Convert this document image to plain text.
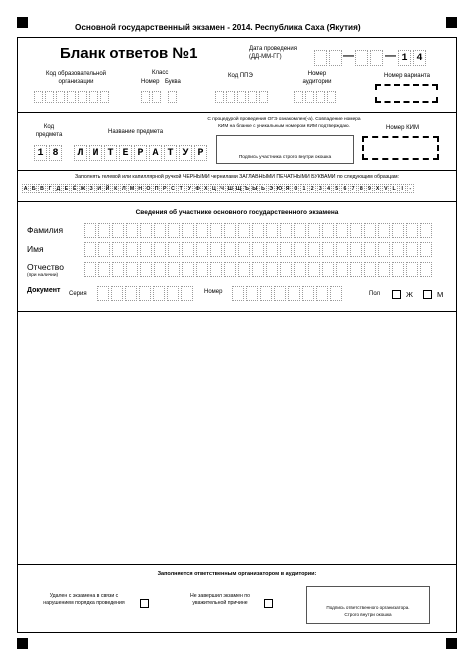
Основной государственный экзамен - 2014. Республика Саха (Якутия)
Бланк ответов №1	Дата проведения
(ДД-ММ-ГГ)	—	— 1 4
Код образовательной
организации
Класс
Номер Буква
Код ППЭ	Номер
аудитории
Номер варианта
Код
предмета	Название предмета
1 8	Л И Т Е Р А Т У Р
С процедурой проведения ОГЭ ознакомлен(-а). Совпадение номера
КИМ на бланке с уникальным номером КИМ подтверждаю.
Подпись участника строго внутри окошка
Номер КИМ
Заполнять гелевой или капиллярной ручкой ЧЕРНЫМИ чернилами ЗАГЛАВНЫМИ ПЕЧАТНЫМИ БУКВАМИ по следующим образцам:
А Б В Г Д Е Ё Ж З И Й К Л М Н О П Р С Т У Ф Х Ц Ч Ш Щ Ъ Ы Ь Э Ю Я 0	1	2	3	4	5	6	7	8	9 X V L	I	-
Сведения об участнике основного государственного экзамена
Фамилия
Имя
Отчество
(при наличии)
Документ Серия	Номер	Пол	Ж	М
Заполняется ответственным организатором в аудитории:
Удален с экзамена в связи с
нарушением порядка проведения
Не завершил экзамен по
уважительной причине
Подпись ответственного организатора.
Строго внутри окошка
